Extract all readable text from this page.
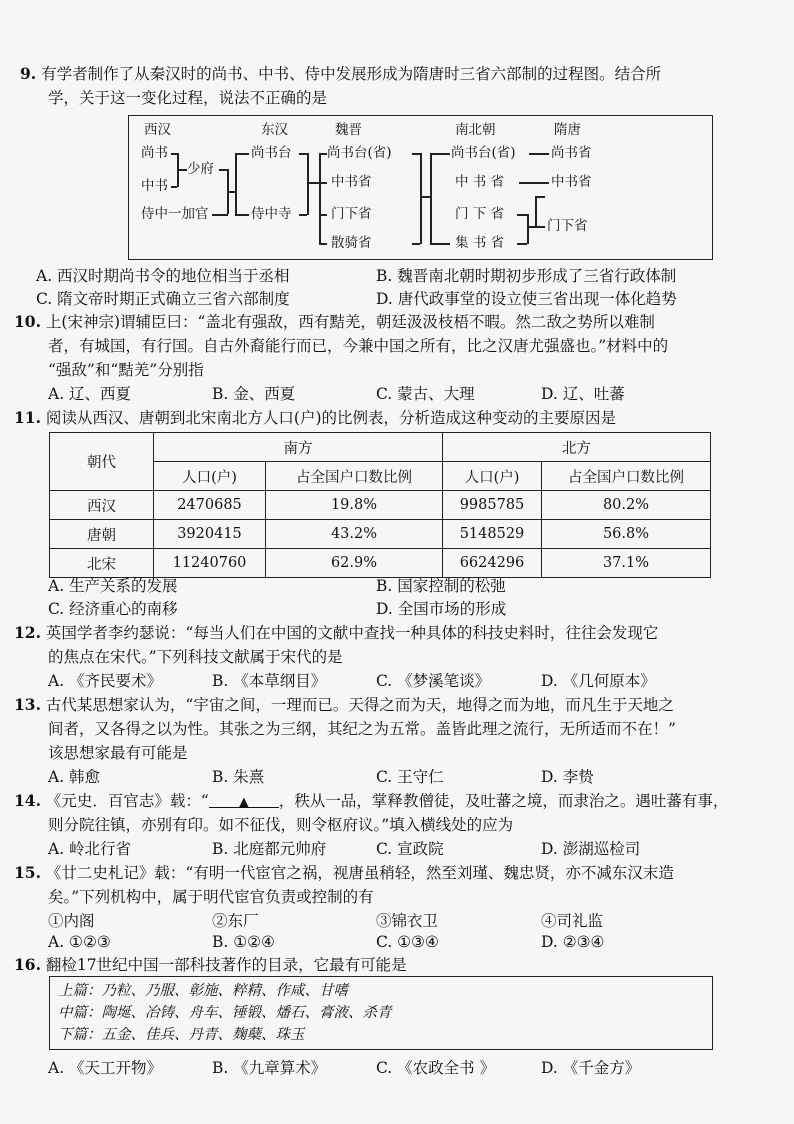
9. 有学者制作了从秦汉时的尚书、中书、侍中发展形成为隋唐时三省六部制的过程图。结合所
学，关于这一变化过程，说法不正确的是
西汉	东汉	魏晋	南北朝	隋唐
尚书
中书
侍中一加官
少府
尚书台
侍中寺
尚书台(省)
中书省
门下省
散骑省
尚书台(省)
中 书 省
门 下 省
集 书 省
尚书省
中书省
门下省
A. 西汉时期尚书令的地位相当于丞相	B. 魏晋南北朝时期初步形成了三省行政体制
C. 隋文帝时期正式确立三省六部制度	D. 唐代政事堂的设立使三省出现一体化趋势
10. 上(宋神宗)谓辅臣曰：“盖北有强敌，西有黠羌，朝廷汲汲枝梧不暇。然二敌之势所以难制
者，有城国，有行国。自古外裔能行而已，今兼中国之所有，比之汉唐尤强盛也。”材料中的
“强敌”和“黠羌”分别指
A. 辽、西夏	B. 金、西夏	C. 蒙古、大理	D. 辽、吐蕃
11. 阅读从西汉、唐朝到北宋南北方人口(户)的比例表，分析造成这种变动的主要原因是
朝代	南方		北方	
	人口(户)	占全国户口数比例	人口(户)	占全国户口数比例
西汉	2470685	19.8%	9985785	80.2%
唐朝	3920415	43.2%	5148529	56.8%
北宋	11240760	62.9%	6624296	37.1%
A. 生产关系的发展	B. 国家控制的松弛
C. 经济重心的南移	D. 全国市场的形成
12. 英国学者李约瑟说：“每当人们在中国的文献中查找一种具体的科技史料时，往往会发现它
的焦点在宋代。”下列科技文献属于宋代的是
A. 《齐民要术》	B. 《本草纲目》	C. 《梦溪笔谈》	D. 《几何原本》
13. 古代某思想家认为，“宇宙之间，一理而已。天得之而为天，地得之而为地，而凡生于天地之
间者，又各得之以为性。其张之为三纲，其纪之为五常。盖皆此理之流行，无所适而不在！”
该思想家最有可能是
A. 韩愈	B. 朱熹	C. 王守仁	D. 李贽
14. 《元史．百官志》载：“ ▲ ，秩从一品，掌释教僧徒，及吐蕃之境，而隶治之。遇吐蕃有事，
则分院往镇，亦别有印。如不征伐，则令枢府议。”填入横线处的应为
A. 岭北行省	B. 北庭都元帅府	C. 宣政院	D. 澎湖巡检司
15. 《廿二史札记》载：“有明一代宦官之祸，视唐虽稍轻，然至刘瑾、魏忠贤，亦不减东汉末造
矣。”下列机构中，属于明代宦官负责或控制的有
①内阁	②东厂	③锦衣卫	④司礼监
A. ①②③	B. ①②④	C. ①③④	D. ②③④
16. 翻检17世纪中国一部科技著作的目录，它最有可能是
上篇：乃粒、乃服、彰施、粹精、作咸、甘嗜
中篇：陶埏、冶铸、舟车、锤锻、燔石、膏液、杀青
下篇：五金、佳兵、丹青、麹蘖、珠玉
A. 《天工开物》	B. 《九章算术》	C. 《农政全书 》	D. 《千金方》
